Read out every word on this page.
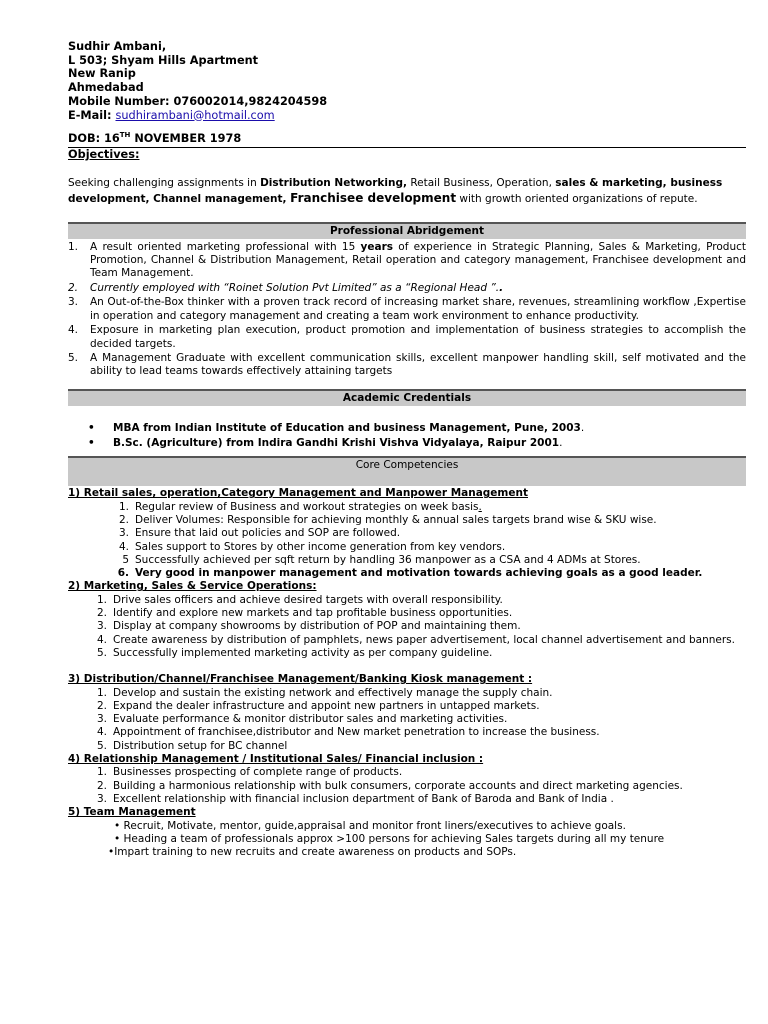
Sudhir Ambani,
L 503; Shyam Hills Apartment
New Ranip
Ahmedabad
Mobile Number: 076002014,9824204598
E-Mail: sudhirambani@hotmail.com
DOB: 16TH NOVEMBER 1978
Objectives:
Seeking challenging assignments in Distribution Networking, Retail Business, Operation, sales & marketing, business development, Channel management, Franchisee development with growth oriented organizations of repute.
Professional Abridgement
1.	A result oriented marketing professional with 15 years of experience in Strategic Planning, Sales & Marketing, Product Promotion, Channel & Distribution Management, Retail operation and category management, Franchisee development and Team Management.
2.	Currently employed with “Roinet Solution Pvt Limited” as a “Regional Head ”..
3.	An Out-of-the-Box thinker with a proven track record of increasing market share, revenues, streamlining workflow ,Expertise in operation and category management and creating a team work environment to enhance productivity.
4.	Exposure in marketing plan execution, product promotion and implementation of business strategies to accomplish the decided targets.
5.	A Management Graduate with excellent communication skills, excellent manpower handling skill, self motivated and the ability to lead teams towards effectively attaining targets
Academic Credentials
•	MBA from Indian Institute of Education and business Management, Pune, 2003.
•	B.Sc. (Agriculture) from Indira Gandhi Krishi Vishva Vidyalaya, Raipur 2001.
Core Competencies
1) Retail sales, operation,Category Management and Manpower Management
1. Regular review of Business and workout strategies on week basis.
2. Deliver Volumes: Responsible for achieving monthly & annual sales targets brand wise & SKU wise.
3. Ensure that laid out policies and SOP are followed.
4. Sales support to Stores by other income generation from key vendors.
5 Successfully achieved per sqft return by handling 36 manpower as a CSA and 4 ADMs at Stores.
6. Very good in manpower management and motivation towards achieving goals as a good leader.
2) Marketing, Sales & Service Operations:
1. Drive sales officers and achieve desired targets with overall responsibility.
2. Identify and explore new markets and tap profitable business opportunities.
3. Display at company showrooms by distribution of POP and maintaining them.
4. Create awareness by distribution of pamphlets, news paper advertisement, local channel advertisement and banners.
5. Successfully implemented marketing activity as per company guideline.
3) Distribution/Channel/Franchisee Management/Banking Kiosk management :
1. Develop and sustain the existing network and effectively manage the supply chain.
2. Expand the dealer infrastructure and appoint new partners in untapped markets.
3. Evaluate performance & monitor distributor sales and marketing activities.
4. Appointment of franchisee,distributor and New market penetration to increase the business.
5. Distribution setup for BC channel
4) Relationship Management / Institutional Sales/ Financial inclusion :
1. Businesses prospecting of complete range of products.
2. Building a harmonious relationship with bulk consumers, corporate accounts and direct marketing agencies.
3. Excellent relationship with financial inclusion department of Bank of Baroda and Bank of India .
5) Team Management
• Recruit, Motivate, mentor, guide,appraisal and monitor front liners/executives to achieve goals.
• Heading a team of professionals approx >100 persons for achieving Sales targets during all my tenure
•Impart training to new recruits and create awareness on products and SOPs.
